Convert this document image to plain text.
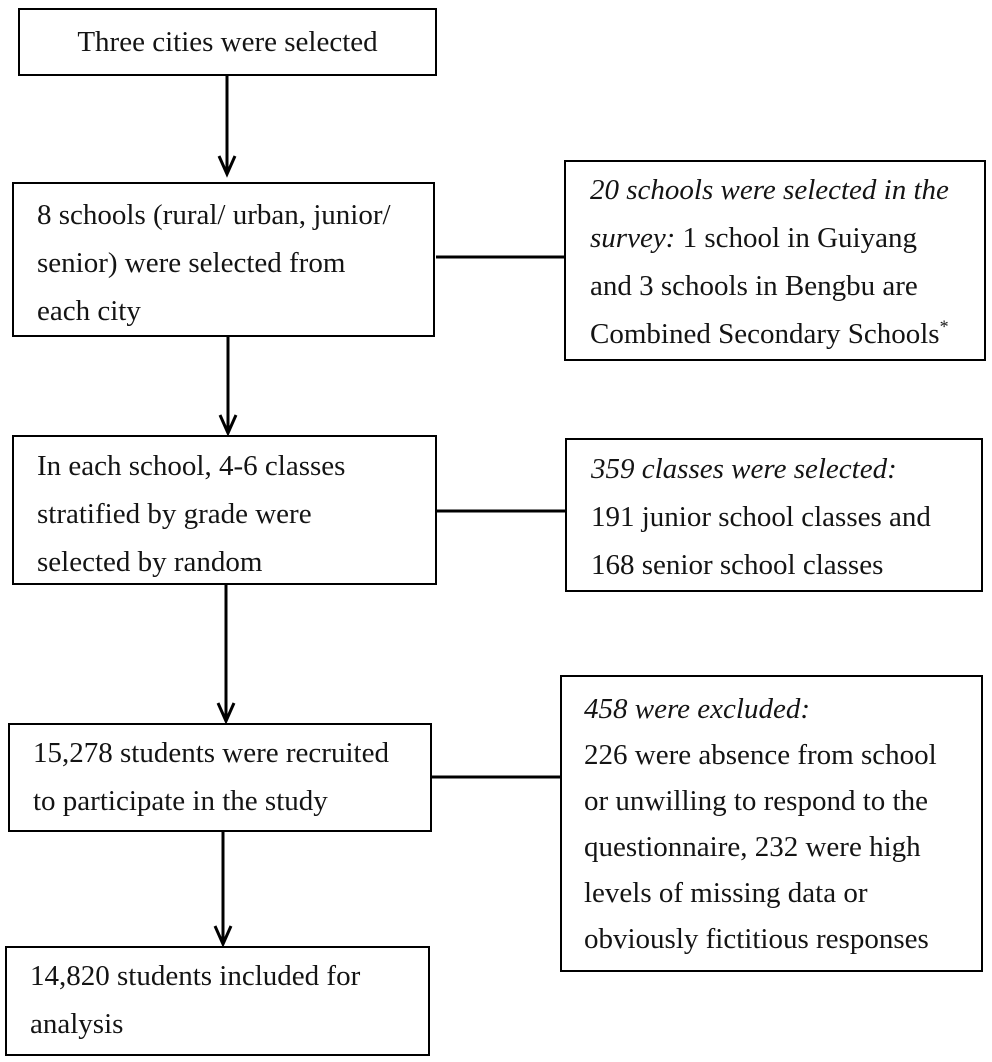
Three cities were selected
8 schools (rural/ urban, junior/
senior) were selected from
each city
In each school, 4-6 classes
stratified by grade were
selected by random
15,278 students were recruited
to participate in the study
14,820 students included for
analysis
20 schools were selected in the
survey: 1 school in Guiyang
and 3 schools in Bengbu are
Combined Secondary Schools*
359 classes were selected:
191 junior school classes and
168 senior school classes
458 were excluded:
226 were absence from school
or unwilling to respond to the
questionnaire, 232 were high
levels of missing data or
obviously fictitious responses
